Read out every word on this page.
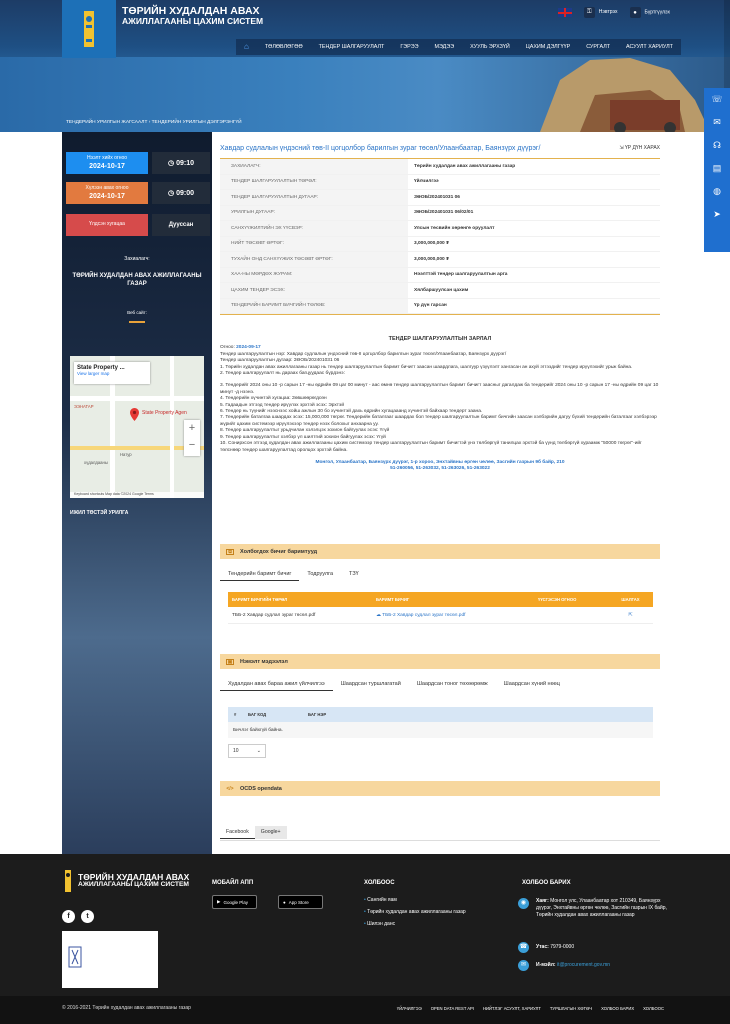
ТӨРИЙН ХУДАЛДАН АВАХ
АЖИЛЛАГААНЫ ЦАХИМ СИСТЕМ
⚿ Нэвтрэх	● Бүртгүүлэх
⌂	ТӨЛӨВЛӨГӨӨ	ТЕНДЕР ШАЛГАРУУЛАЛТ	ГЭРЭЭ	МЭДЭЭ	ХУУЛЬ ЭРХЗҮЙ	ЦАХИМ ДЭЛГҮҮР	СУРГАЛТ	АСУУЛТ ХАРИУЛТ
ТЕНДЕРИЙН УРИЛГЫН ЖАГСААЛТ › ТЕНДЕРИЙН УРИЛГЫН ДЭЛГЭРЭНГҮЙ
☏
✉
☊
▤
◍
➤
Нээлт хийх огноо
2024-10-17	◷ 09:10
Хүлээн авах огноо
2024-10-17	◷ 09:00
Үлдсэн хугацаа	Дууссан
Захиалагч:
ТӨРИЙН ХУДАЛДАН АВАХ АЖИЛЛАГААНЫ ГАЗАР
Веб сайт:
ЭЭНАТАР
Натур
хүдалдааны
State Property ...
View larger map
State Property Agen
+
−
Keyboard shortcuts Map data ©2024 Google Terms
ИЖИЛ ТӨСТЭЙ УРИЛГА
Хавдар судлалын үндэсний төв-II цогцолбор барилгын зураг төсөл/Улаанбаатар, Баянзүрх дүүрэг/	⇲ ҮР ДҮН ХАРАХ
ЗАХИАЛАГЧ:	Төрийн худалдан авах ажиллагааны газар
ТЕНДЕР ШАЛГАРУУЛАЛТЫН ТӨРӨЛ:	Үйлчилгээ
ТЕНДЕР ШАЛГАРУУЛАЛТЫН ДУГААР:	ЗӨОБ/202401031 06
УРИЛГЫН ДУГААР:	ЗӨОБ/202401031 06/02/01
САНХҮҮЖИЛТИЙН ЭХ ҮҮСВЭР:	Улсын төсвийн хөрөнгө оруулалт
НИЙТ ТӨСӨВТ ӨРТӨГ:	3,000,000,000 ₮
ТУХАЙН ОНД САНХҮҮЖИХ ТӨСӨВТ ӨРТӨГ:	3,000,000,000 ₮
ХАА-НЫ МӨРДӨХ ЖУРАМ:	Нээлттэй тендер шалгаруулалтын арга
ЦАХИМ ТЕНДЕР ЭСЭХ:	Хялбаршуулсан цахим
ТЕНДЕРИЙН БАРИМТ БИЧГИЙН ТӨЛӨВ:	Үр дүн гарсан
ТЕНДЕР ШАЛГАРУУЛАЛТЫН ЗАРЛАЛ
Огноо: 2024-09-17
Тендер шалгаруулалтын нэр: Хавдар судлалын үндэсний төв-II цогцолбор барилгын зураг төсөл/Улаанбаатар, Баянзүрх дүүрэг/
Тендер шалгаруулалтын дугаар: ЗӨОБ/202401031 06
1. Төрийн худалдан авах ажиллагааны газар нь тендер шалгаруулалтын баримт бичигт заасан шаардлага, шалгуур үзүүлэлт хангасан ан ахуй этгээдийг тендер ирүүлэхийг урьж байна.
2. Тендер шалгаруулалт нь дараах багцуудаас бүрдэнэ:
3. Тендерийг 2024 оны 10 -р сарын 17 -ны өдрийн 09 цаг 00 минут - аас өмнө тендер шалгаруулалтын баримт бичигт заасныг дагалдаж ба тендерийг 2024 оны 10 -р сарын 17 -ны өдрийн 09 цаг 10 минут -д нээнэ.
4. Тендерийн хүчинтэй хугацаа: Зөвшөөрөгдсөн
5. Гадаадын этгээд тендер ирүүлэх эрхтэй эсэх: Эрхтэй
6. Тендер нь түүнийг нээснээс хойш ажлын 30 бо хүчинтэй дахь өдрийн хугацааанд хүчинтэй байхаар тендерт заана.
7. Тендерийн баталгаа шаардах эсэх: 15,000,000 төгрөг. Тендерийн баталгааг шаардах бол тендер шалгаруулалтын баримт бичгийн заасан хэлбэрийн дагуу бүхий тендерийн баталгааг хэлбэрээр жүрийг цахим системээр ирүүлэхээр тендер нээх болохыг анхаарна уу.
8. Тендер шалгаруулалтыг урьдчилан хэлэлцэх зохион байгуулах эсэх: Үгүй
9. Тендер шалгаруулалтыг хэлбэр үл шилтгий зохион байгуулах эсэх: Үгүй
10. Сонирхсон этгээд худалдан авах ажиллагааны цахим системээр тендер шалгаруулалтын баримт бичигтэй үнэ төлбөргүй танилцах эрхтэй ба үүнд төлбөргүй хураамж "50000 төгрөг"-ийг төлснөөр тендер шалгаруулалтад оролцох эрхтэй байна.
Монгол, Улаанбаатар, Баянзүрх дүүрэг, 1-р хороо, Энхтайвны өргөн чөлөө, Засгийн газрын 9б байр, 210
51-260056, 51-263032, 51-263026, 51-263022
⧉	Холбогдох бичиг баримтууд
Тендерийн баримт бичиг	Тодруулга	ТЗҮ
БАРИМТ БИЧГИЙН ТӨРӨЛ	БАРИМТ БИЧИГ	ҮҮСГЭСЭН ОГНОО	ШАЛГАХ
ТББ-2 Хавдар судлал зураг төсөл.pdf	☁ ТББ-2 Хавдар судлал зураг төсөл.pdf	⇱
▣ Нэмэлт мэдээлэл
Худалдан авах бараа ажил үйлчилгээ	Шаардсан туршлагатай	Шаардсан тоног төхөөрөмж	Шаардсан хүний нөөц
#	БАГ КОД	БАГ НЭР
Бичлэг байхгүй байна.
10	⌄
</> OCDS opendata
Facebook	Google+
ТӨРИЙН ХУДАЛДАН АВАХ
АЖИЛЛАГААНЫ ЦАХИМ СИСТЕМ
f	t
МОБАЙЛ АПП
▶ Google Play	● App Store
ХОЛБООС
• Сангийн яам
• Төрийн худалдан авах ажиллагааны газар
• Шилэн данс
ХОЛБОО БАРИХ
◉	Хаяг: Монгол улс, Улаанбаатар хот 210349, Баянзүрх дүүрэг, Энхтайвны өргөн чөлөө, Засгийн газрын IX байр, Төрийн худалдан авах ажиллагааны газар
☎	Утас: 7979-0000
✉	И-мэйл: it@procurement.gov.mn
© 2016-2021 Төрийн худалдан авах ажиллагааны газар	ҮЙЛЧИЛГЭЭ OPEN DATA REST API НИЙТЛЭГ АСУУЛТ, ХАРИУЛТ ТУРШЛАГЫН ХӨТӨЧ ХОЛБОО БАРИХ ХОЛБООС
